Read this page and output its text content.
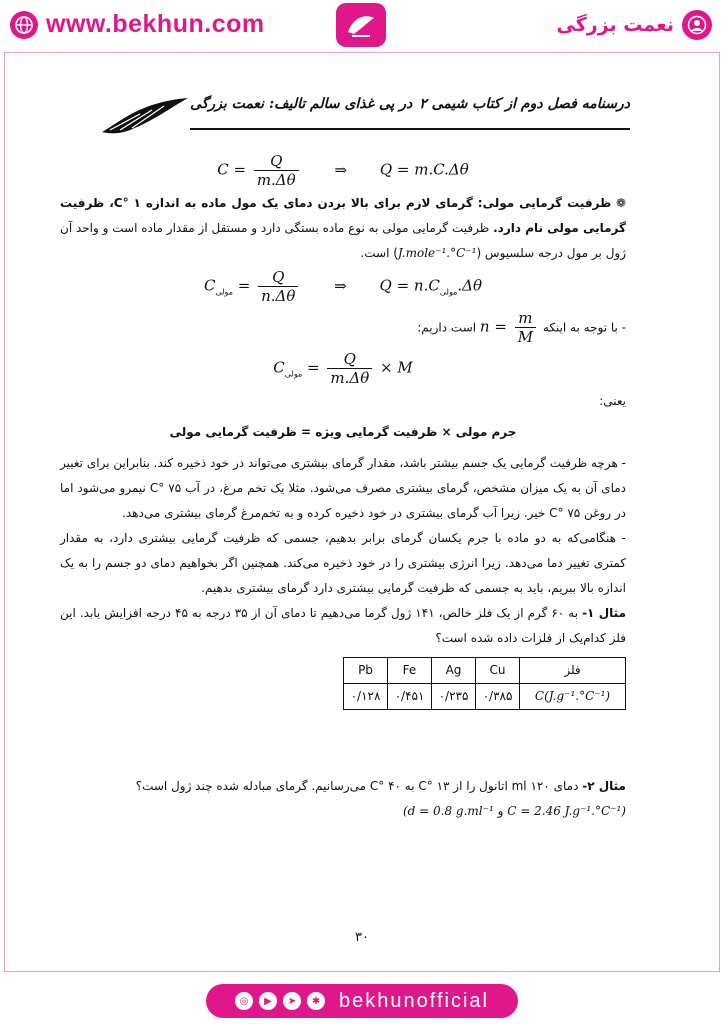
www.bekhun.com	نعمت بزرگی
تالیف: نعمت بزرگی در پی غذای سالم درسنامه فصل دوم از کتاب شیمی ۲
$C = \frac{Q}{m.\Delta\theta}$ ⇒ Q = m.C.Δθ

❁ ظرفیت گرمایی مولی: گرمای لازم برای بالا بردن دمای یک مول ماده به اندازه C° ۱، ظرفیت گرمایی مولی نام دارد. ظرفیت گرمایی مولی به نوع ماده بستگی دارد و مستقل از مقدار ماده است و واحد آن ژول بر مول درجه سلسیوس (J.mole⁻¹.°C⁻¹) است.

$C_{مولی} = \frac{Q}{n.\Delta\theta}$ ⇒ $Q = n.C_{مولی}.\Delta\theta$

- با توجه به اینکه $n = \frac{m}{M}$
است داریم:

$C_{مولی} = \frac{Q}{m.\Delta\theta} \times M$

یعنی:

جرم مولی × ظرفیت گرمایی ویژه = ظرفیت گرمایی مولی

- هرچه ظرفیت گرمایی یک جسم بیشتر باشد، مقدار گرمای بیشتری می‌تواند در خود ذخیره کند. بنابراین برای تغییر دمای آن به یک میزان مشخص، گرمای بیشتری مصرف می‌شود. مثلا یک تخم مرغ، در آب C° ۷۵ نیمرو می‌شود اما در روغن C° ۷۵ خیر. زیرا آب گرمای بیشتری در خود ذخیره کرده و به تخم‌مرغ گرمای بیشتری می‌دهد.

- هنگامی‌که به دو ماده با جرم یکسان گرمای برابر بدهیم، جسمی که ظرفیت گرمایی بیشتری دارد، به مقدار کمتری تغییر دما می‌دهد. زیرا انرژی بیشتری را در خود ذخیره می‌کند. همچنین اگر بخواهیم دمای دو جسم را به یک اندازه بالا ببریم، باید به جسمی که ظرفیت گرمایی بیشتری دارد گرمای بیشتری بدهیم.

مثال ۱- به ۶۰ گرم از یک فلز خالص، ۱۴۱ ژول گرما می‌دهیم تا دمای آن از ۳۵ درجه به ۴۵ درجه افزایش یابد. این فلز کدام‌یک از فلزات داده شده است؟

Pb	Fe	Ag	Cu	فلز
۰/۱۲۸	۰/۴۵۱	۰/۲۳۵	۰/۳۸۵	C(J.g⁻¹.°C⁻¹)

مثال ۲- دمای ۱۲۰ ml اتانول را از C° ۱۳ به C° ۴۰ می‌رسانیم. گرمای مبادله شده چند ژول است؟

C = 2.46 J.g⁻¹.°C⁻¹) و (d = 0.8 g.ml⁻¹

۳۰
◎	▶	➤	✱ bekhunofficial
